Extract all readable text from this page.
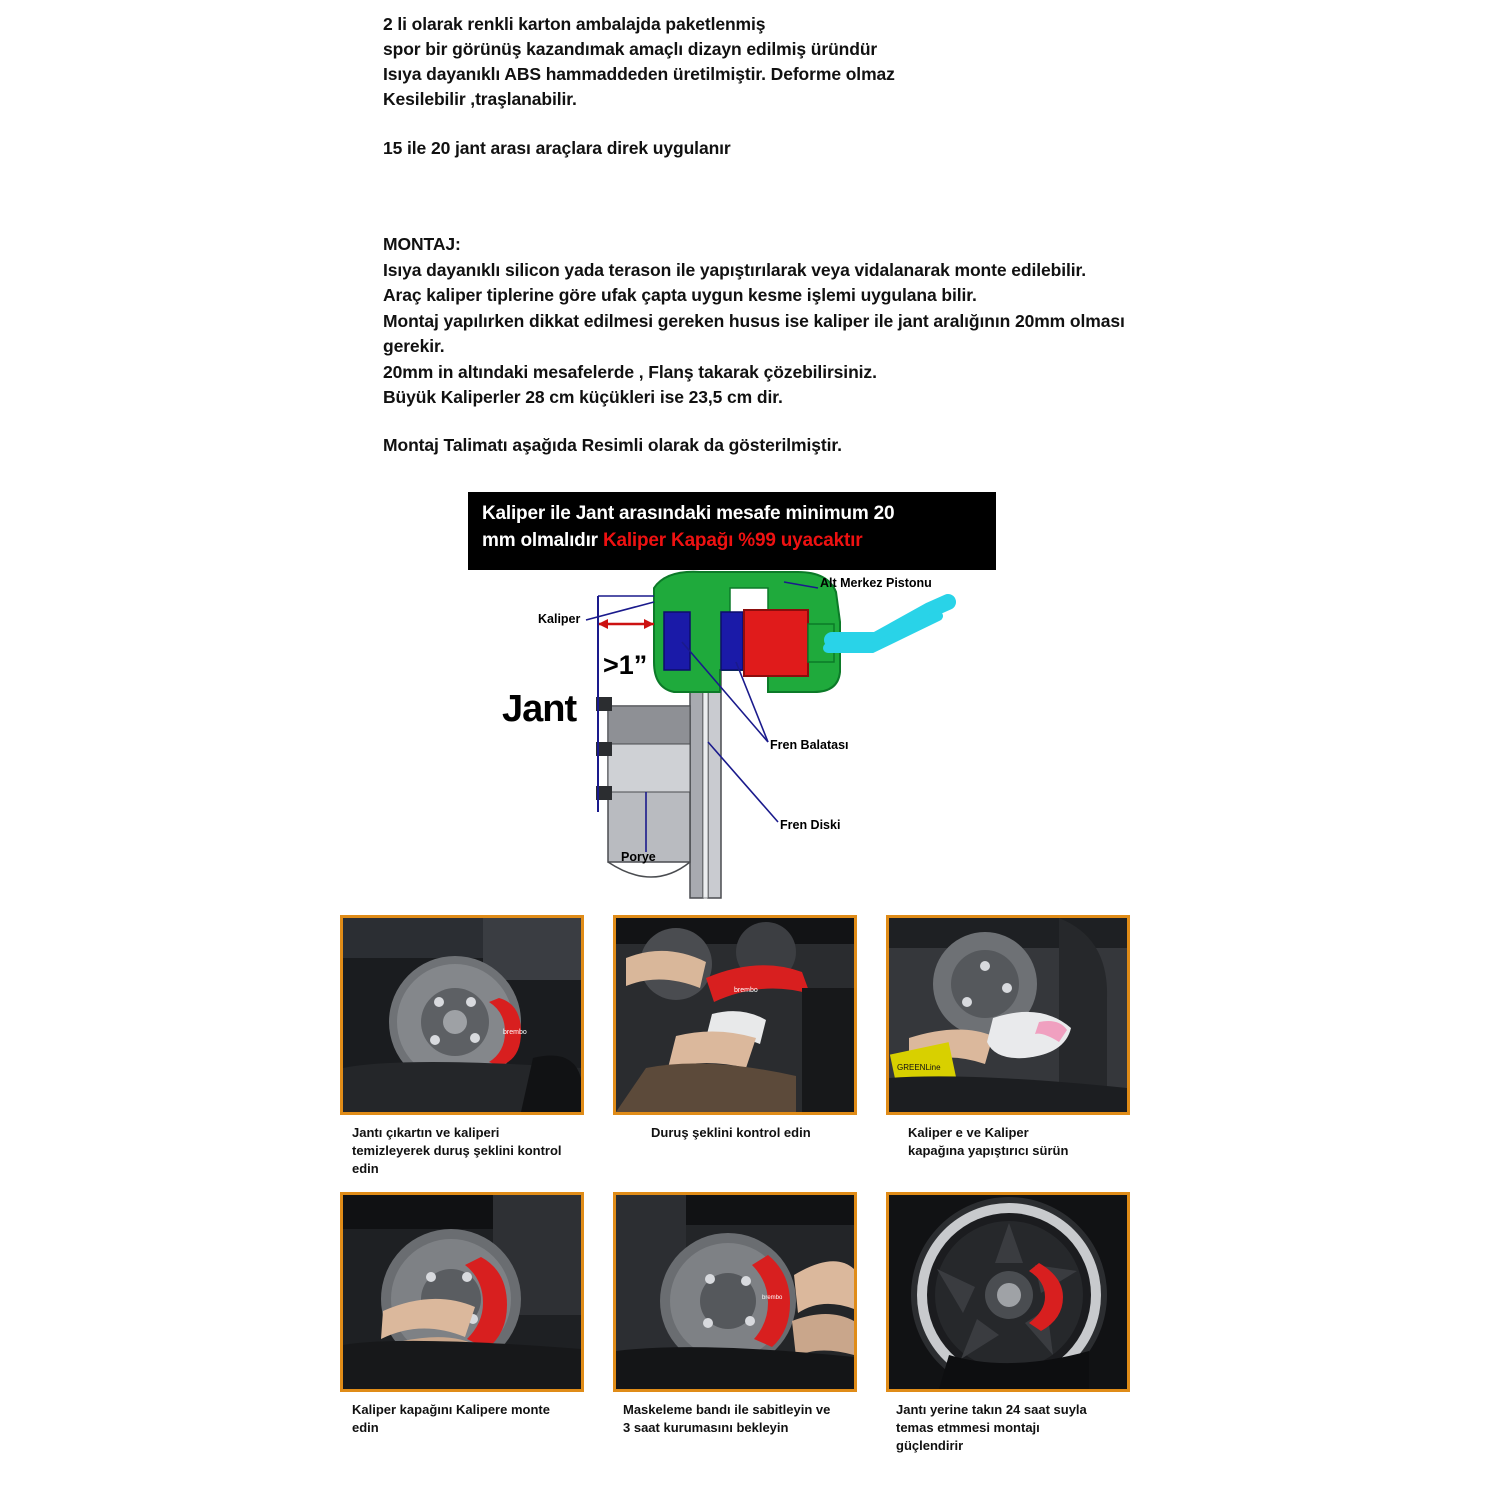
2 li olarak renkli karton ambalajda paketlenmiş

spor bir görünüş kazandımak amaçlı dizayn edilmiş üründür

Isıya dayanıklı ABS hammaddeden üretilmiştir. Deforme olmaz

Kesilebilir ,traşlanabilir.

15 ile 20 jant arası araçlara direk uygulanır

MONTAJ:

Isıya dayanıklı silicon yada terason ile yapıştırılarak veya vidalanarak monte edilebilir.

Araç kaliper tiplerine göre ufak çapta uygun kesme işlemi uygulana bilir.

Montaj yapılırken dikkat edilmesi gereken husus ise kaliper ile jant aralığının 20mm olması

gerekir.

20mm in altındaki mesafelerde , Flanş takarak çözebilirsiniz.

Büyük Kaliperler 28 cm küçükleri ise 23,5 cm dir.

Montaj Talimatı aşağıda Resimli olarak da gösterilmiştir.

Kaliper ile Jant arasındaki mesafe minimum 20
mm olmalıdır Kaliper Kapağı %99 uyacaktır
Jant
>1”
Kaliper
Alt Merkez Pistonu
Fren Balatası
Fren Diski
Porye
brembo
Jantı çıkartın ve kaliperi
temizleyerek duruş şeklini kontrol
edin
brembo
Duruş şeklini kontrol edin
GREENLine
Kaliper e ve Kaliper
kapağına yapıştırıcı sürün
Kaliper kapağını Kalipere monte
edin
brembo
Maskeleme bandı ile sabitleyin ve
3 saat kurumasını bekleyin
Jantı yerine takın 24 saat suyla
temas etmmesi montajı
güçlendirir
